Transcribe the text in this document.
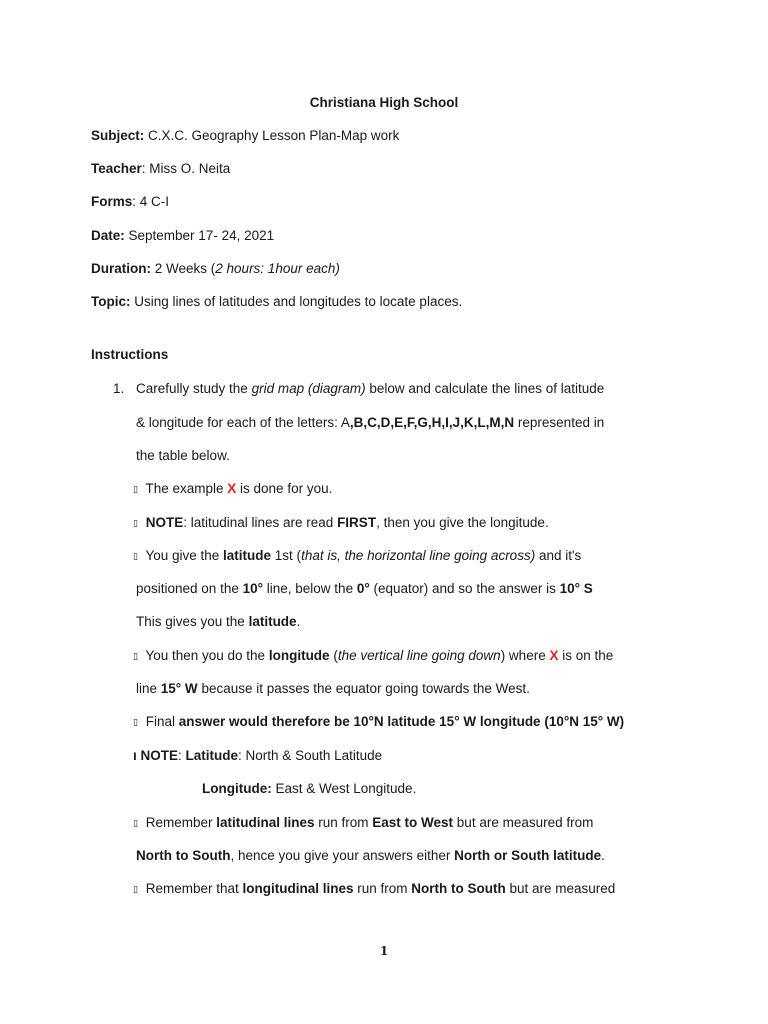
Christiana High School
Subject: C.X.C. Geography Lesson Plan-Map work
Teacher: Miss O. Neita
Forms: 4 C-I
Date: September 17- 24, 2021
Duration: 2 Weeks (2 hours: 1hour each)
Topic: Using lines of latitudes and longitudes to locate places.
Instructions
1. Carefully study the grid map (diagram) below and calculate the lines of latitude
& longitude for each of the letters: A,B,C,D,E,F,G,H,I,J,K,L,M,N represented in
the table below.
▯ The example X is done for you.
▯ NOTE: latitudinal lines are read FIRST, then you give the longitude.
▯ You give the latitude 1st (that is, the horizontal line going across) and it's
positioned on the 10° line, below the 0° (equator) and so the answer is 10° S
This gives you the latitude.
▯ You then you do the longitude (the vertical line going down) where X is on the
line 15° W because it passes the equator going towards the West.
▯ Final answer would therefore be 10°N latitude 15° W longitude (10°N 15° W)
ı NOTE: Latitude: North & South Latitude
Longitude: East & West Longitude.
▯ Remember latitudinal lines run from East to West but are measured from
North to South, hence you give your answers either North or South latitude.
▯ Remember that longitudinal lines run from North to South but are measured
1
